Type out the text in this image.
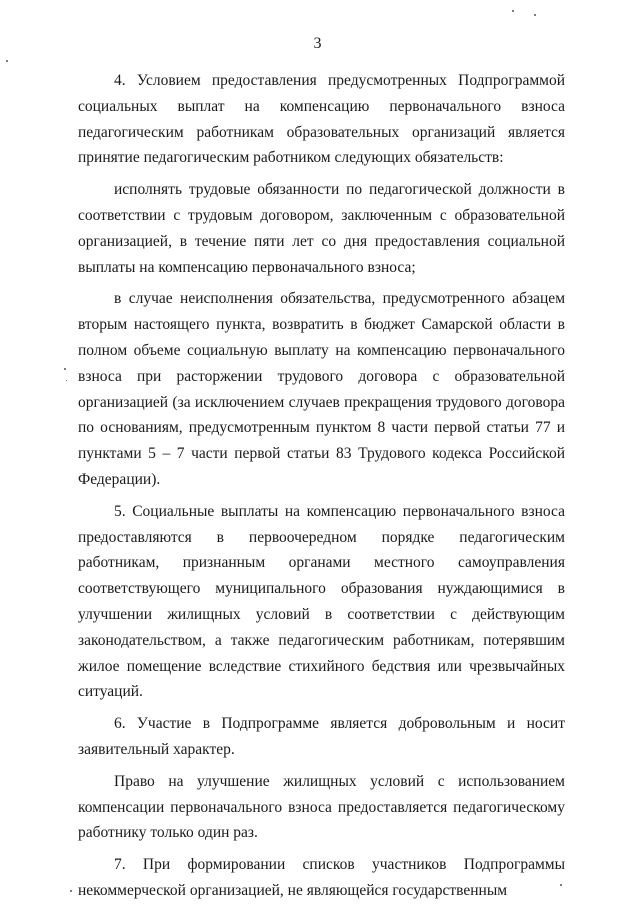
3

4. Условием предоставления предусмотренных Подпрограммой социальных выплат на компенсацию первоначального взноса педагогическим работникам образовательных организаций является принятие педагогическим работником следующих обязательств:

исполнять трудовые обязанности по педагогической должности в соответствии с трудовым договором, заключенным с образовательной организацией, в течение пяти лет со дня предоставления социальной выплаты на компенсацию первоначального взноса;

в случае неисполнения обязательства, предусмотренного абзацем вторым настоящего пункта, возвратить в бюджет Самарской области в полном объеме социальную выплату на компенсацию первоначального взноса при расторжении трудового договора с образовательной организацией (за исключением случаев прекращения трудового договора по основаниям, предусмотренным пунктом 8 части первой статьи 77 и пунктами 5 – 7 части первой статьи 83 Трудового кодекса Российской Федерации).

5. Социальные выплаты на компенсацию первоначального взноса предоставляются в первоочередном порядке педагогическим работникам, признанным органами местного самоуправления соответствующего муниципального образования нуждающимися в улучшении жилищных условий в соответствии с действующим законодательством, а также педагогическим работникам, потерявшим жилое помещение вследствие стихийного бедствия или чрезвычайных ситуаций.

6. Участие в Подпрограмме является добровольным и носит заявительный характер.

Право на улучшение жилищных условий с использованием компенсации первоначального взноса предоставляется педагогическому работнику только один раз.

7. При формировании списков участников Подпрограммы некоммерческой организацией, не являющейся государственным
